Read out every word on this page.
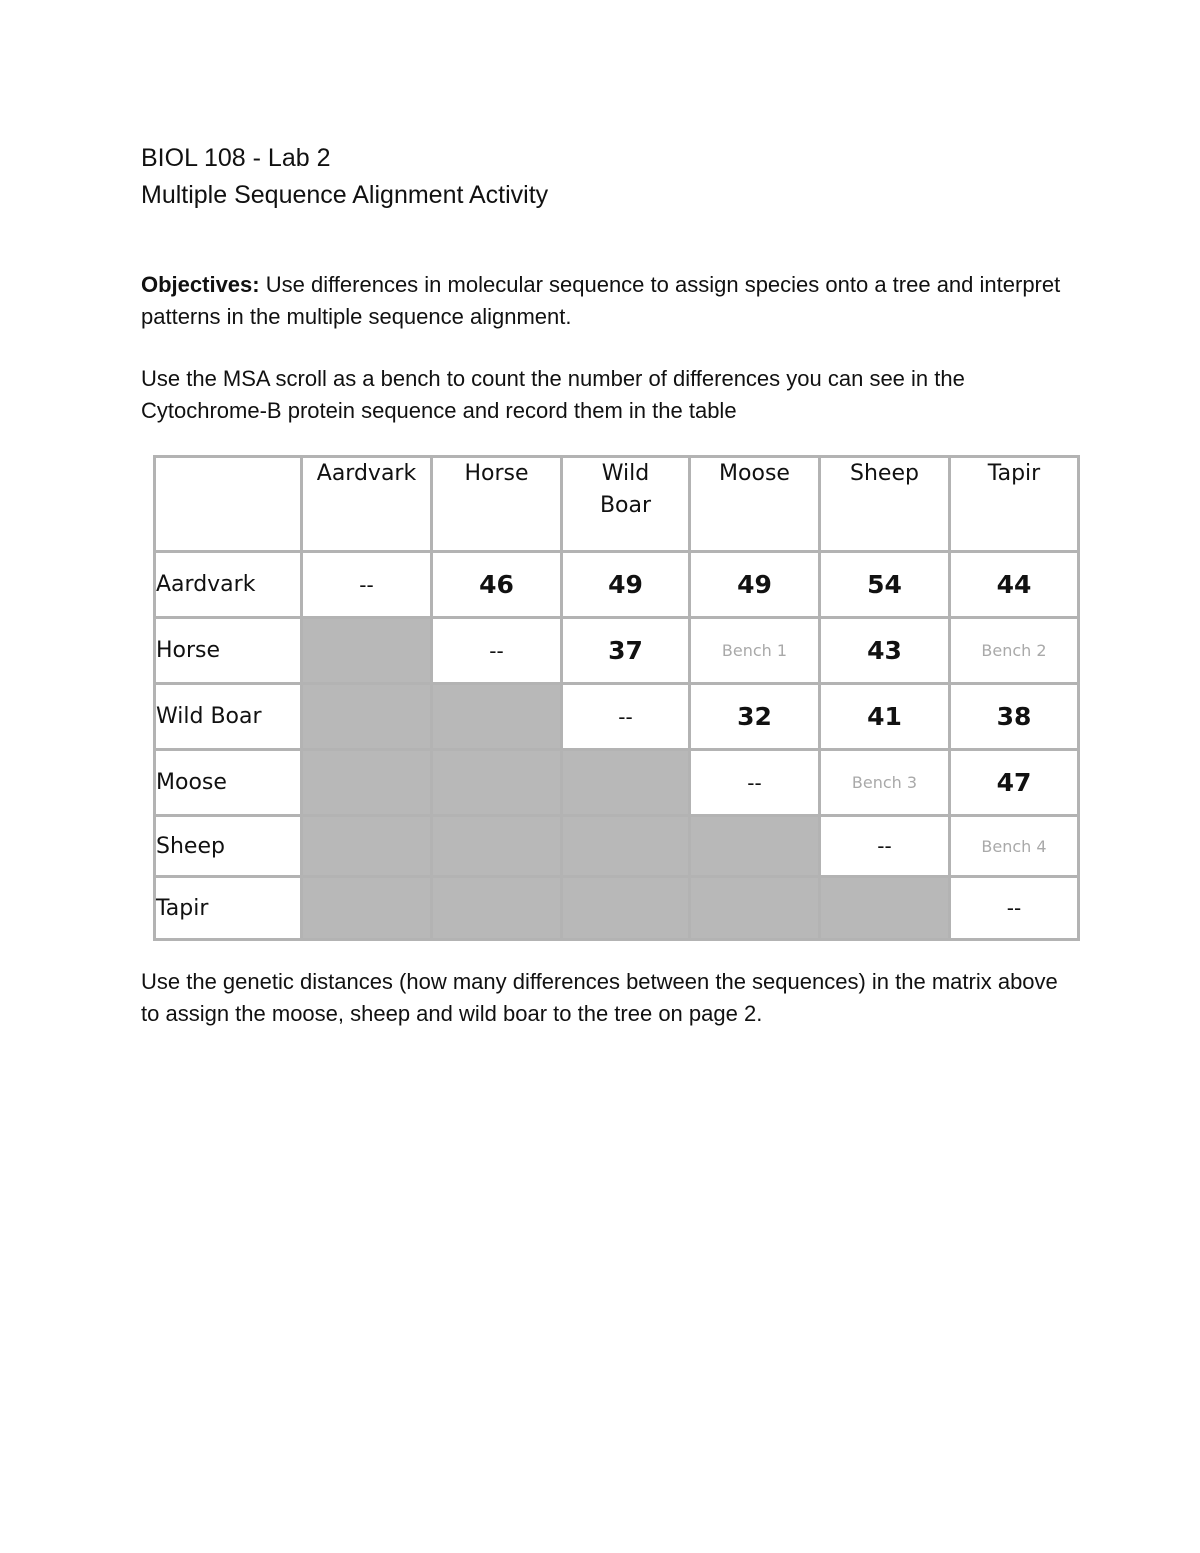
BIOL 108 - Lab 2
Multiple Sequence Alignment Activity

Objectives: Use differences in molecular sequence to assign species onto a tree and interpret patterns in the multiple sequence alignment.

Use the MSA scroll as a bench to count the number of differences you can see in the Cytochrome-B protein sequence and record them in the table

	Aardvark	Horse	Wild Boar	Moose	Sheep	Tapir
Aardvark	--	46	49	49	54	44
Horse		--	37	Bench 1	43	Bench 2
Wild Boar			--	32	41	38
Moose				--	Bench 3	47
Sheep					--	Bench 4
Tapir						--

Use the genetic distances (how many differences between the sequences) in the matrix above to assign the moose, sheep and wild boar to the tree on page 2.
